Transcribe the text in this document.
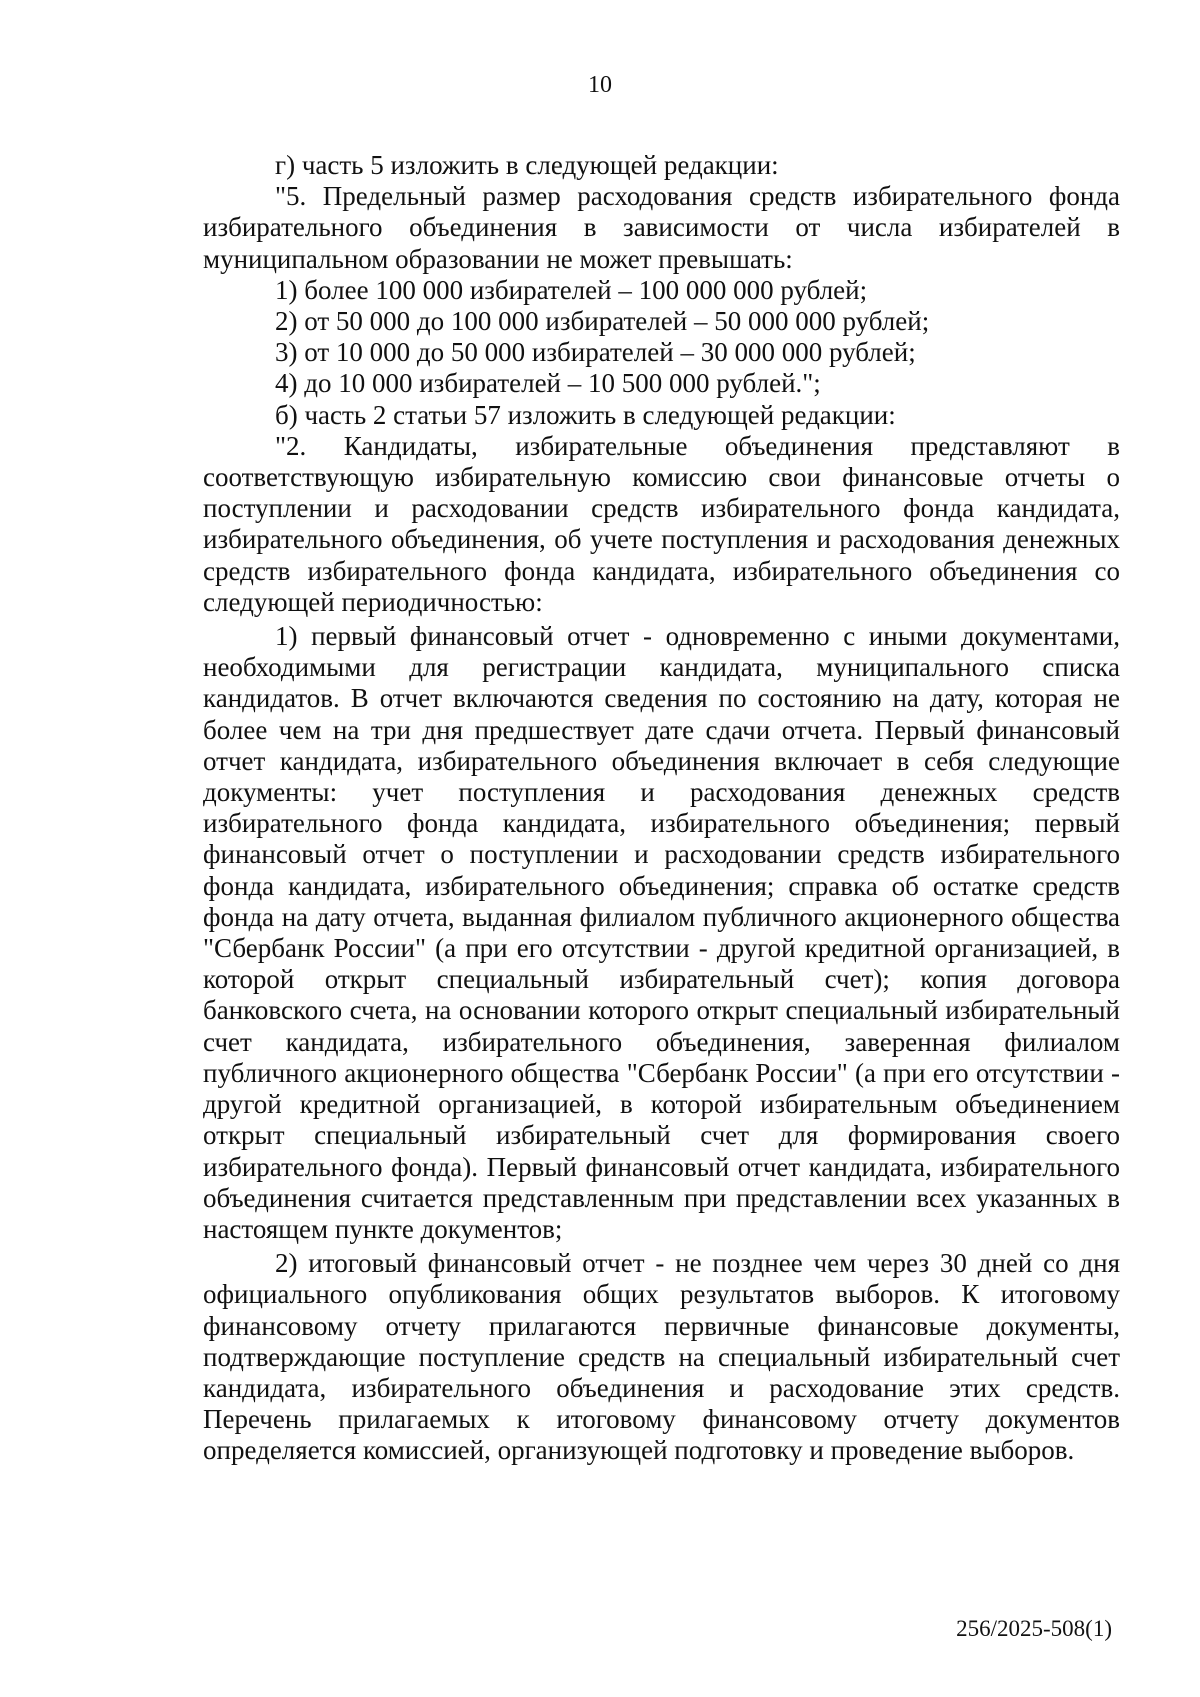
10

г) часть 5 изложить в следующей редакции:

"5. Предельный размер расходования средств избирательного фонда избирательного объединения в зависимости от числа избирателей в муниципальном образовании не может превышать:

1) более 100 000 избирателей – 100 000 000 рублей;

2) от 50 000 до 100 000 избирателей – 50 000 000 рублей;

3) от 10 000 до 50 000 избирателей – 30 000 000 рублей;

4) до 10 000 избирателей – 10 500 000 рублей.";

б) часть 2 статьи 57 изложить в следующей редакции:

"2. Кандидаты, избирательные объединения представляют в соответствующую избирательную комиссию свои финансовые отчеты о поступлении и расходовании средств избирательного фонда кандидата, избирательного объединения, об учете поступления и расходования денежных средств избирательного фонда кандидата, избирательного объединения со следующей периодичностью:

1) первый финансовый отчет - одновременно с иными документами, необходимыми для регистрации кандидата, муниципального списка кандидатов. В отчет включаются сведения по состоянию на дату, которая не более чем на три дня предшествует дате сдачи отчета. Первый финансовый отчет кандидата, избирательного объединения включает в себя следующие документы: учет поступления и расходования денежных средств избирательного фонда кандидата, избирательного объединения; первый финансовый отчет о поступлении и расходовании средств избирательного фонда кандидата, избирательного объединения; справка об остатке средств фонда на дату отчета, выданная филиалом публичного акционерного общества "Сбербанк России" (а при его отсутствии - другой кредитной организацией, в которой открыт специальный избирательный счет); копия договора банковского счета, на основании которого открыт специальный избирательный счет кандидата, избирательного объединения, заверенная филиалом публичного акционерного общества "Сбербанк России" (а при его отсутствии - другой кредитной организацией, в которой избирательным объединением открыт специальный избирательный счет для формирования своего избирательного фонда). Первый финансовый отчет кандидата, избирательного объединения считается представленным при представлении всех указанных в настоящем пункте документов;

2) итоговый финансовый отчет - не позднее чем через 30 дней со дня официального опубликования общих результатов выборов. К итоговому финансовому отчету прилагаются первичные финансовые документы, подтверждающие поступление средств на специальный избирательный счет кандидата, избирательного объединения и расходование этих средств. Перечень прилагаемых к итоговому финансовому отчету документов определяется комиссией, организующей подготовку и проведение выборов.

256/2025-508(1)
